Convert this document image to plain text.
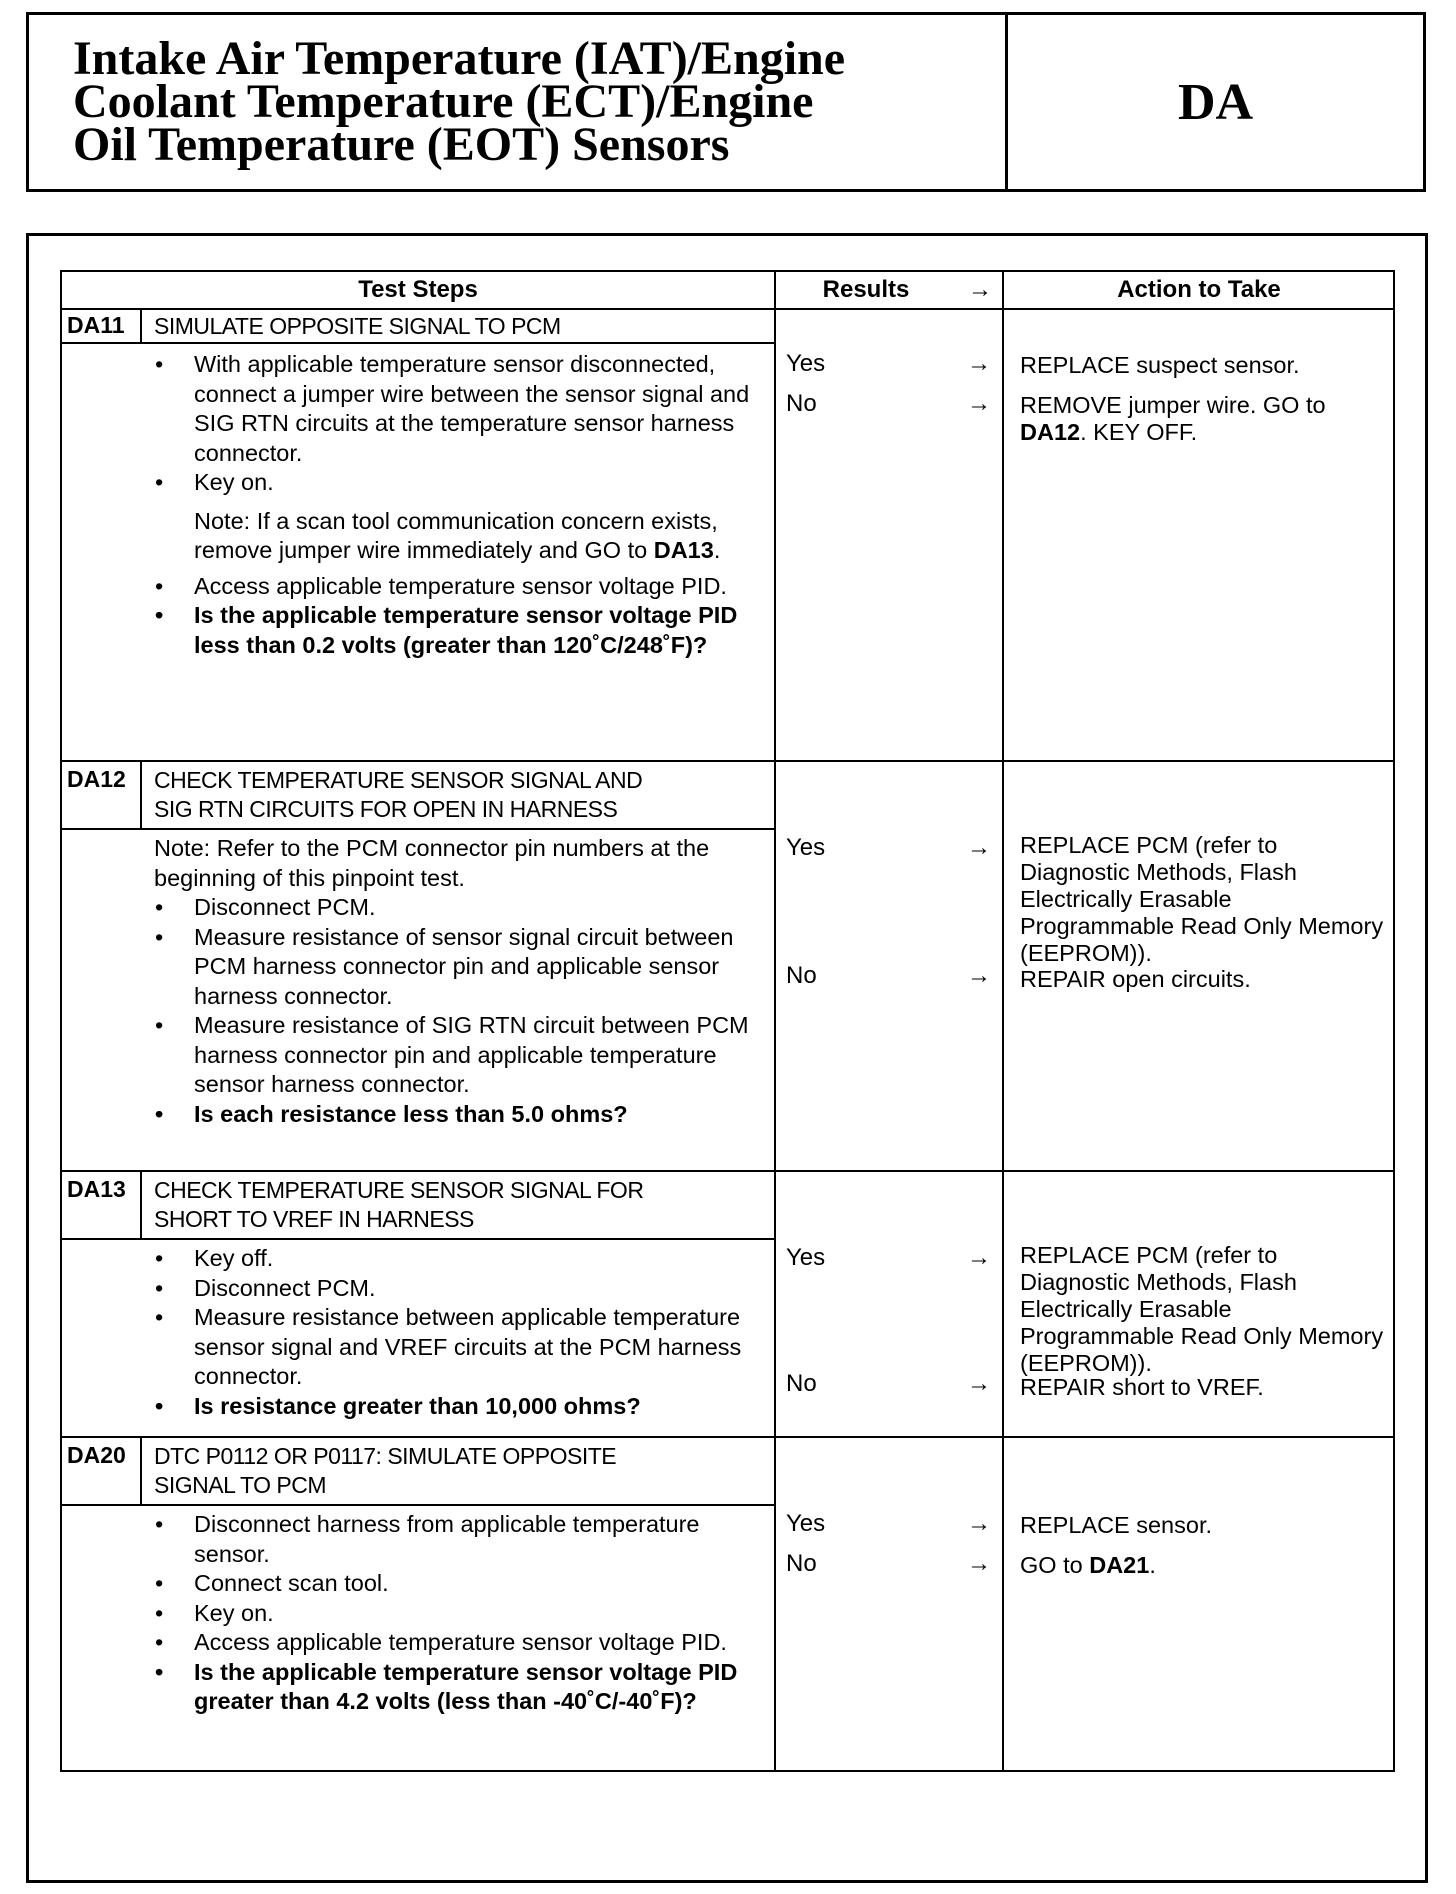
Intake Air Temperature (IAT)/Engine
Coolant Temperature (ECT)/Engine
Oil Temperature (EOT) Sensors
DA
Test Steps	Results	→	Action to Take
DA11	SIMULATE OPPOSITE SIGNAL TO PCM
• With applicable temperature sensor disconnected, connect a jumper wire between the sensor signal and SIG RTN circuits at the temperature sensor harness connector.
• Key on.
Note: If a scan tool communication concern exists, remove jumper wire immediately and GO to DA13.
• Access applicable temperature sensor voltage PID.
• Is the applicable temperature sensor voltage PID less than 0.2 volts (greater than 120˚C/248˚F)?
Yes	→ REPLACE suspect sensor.
No	→ REMOVE jumper wire. GO to DA12. KEY OFF.
DA12	CHECK TEMPERATURE SENSOR SIGNAL AND
SIG RTN CIRCUITS FOR OPEN IN HARNESS
Note: Refer to the PCM connector pin numbers at the beginning of this pinpoint test.
• Disconnect PCM.
• Measure resistance of sensor signal circuit between PCM harness connector pin and applicable sensor harness connector.
• Measure resistance of SIG RTN circuit between PCM harness connector pin and applicable temperature sensor harness connector.
• Is each resistance less than 5.0 ohms?
Yes	→ REPLACE PCM (refer to Diagnostic Methods, Flash Electrically Erasable Programmable Read Only Memory (EEPROM)).
No	→ REPAIR open circuits.
DA13	CHECK TEMPERATURE SENSOR SIGNAL FOR
SHORT TO VREF IN HARNESS
• Key off.
• Disconnect PCM.
• Measure resistance between applicable temperature sensor signal and VREF circuits at the PCM harness connector.
• Is resistance greater than 10,000 ohms?
Yes	→ REPLACE PCM (refer to Diagnostic Methods, Flash Electrically Erasable Programmable Read Only Memory (EEPROM)).
No	→ REPAIR short to VREF.
DA20	DTC P0112 OR P0117: SIMULATE OPPOSITE
SIGNAL TO PCM
• Disconnect harness from applicable temperature sensor.
• Connect scan tool.
• Key on.
• Access applicable temperature sensor voltage PID.
• Is the applicable temperature sensor voltage PID greater than 4.2 volts (less than -40˚C/-40˚F)?
Yes	→ REPLACE sensor.
No	→ GO to DA21.
